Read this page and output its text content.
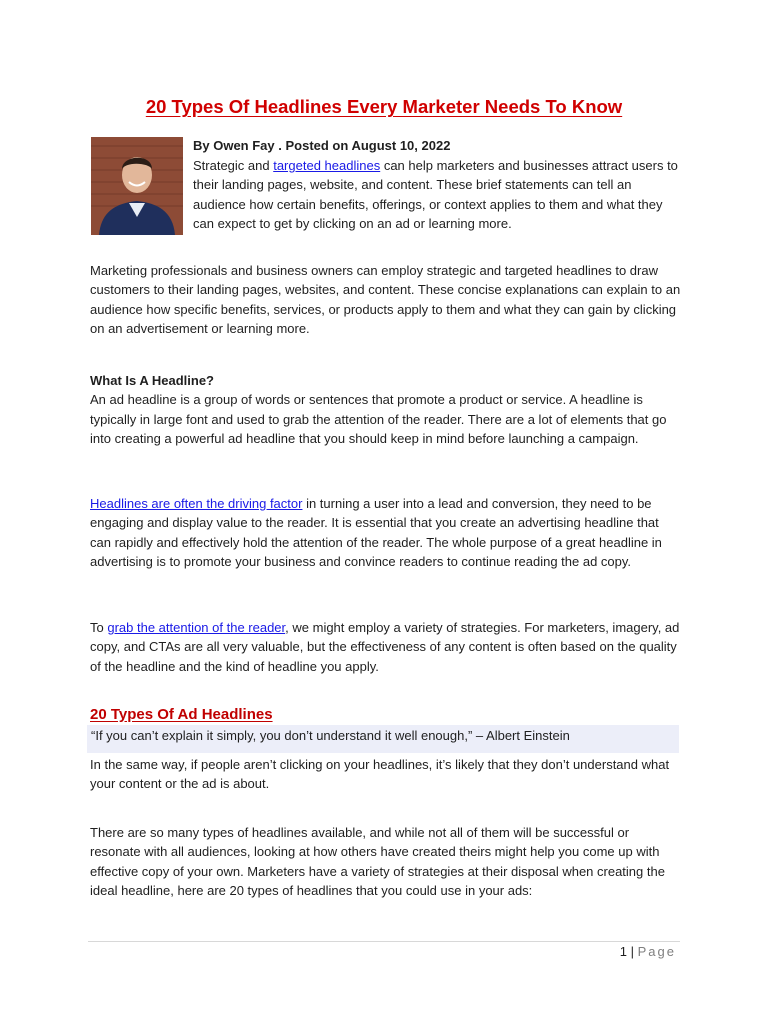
20 Types Of Headlines Every Marketer Needs To Know
By Owen Fay . Posted on August 10, 2022
Strategic and targeted headlines can help marketers and businesses attract users to their landing pages, website, and content. These brief statements can tell an audience how certain benefits, offerings, or context applies to them and what they can expect to get by clicking on an ad or learning more.
Marketing professionals and business owners can employ strategic and targeted headlines to draw customers to their landing pages, websites, and content. These concise explanations can explain to an audience how specific benefits, services, or products apply to them and what they can gain by clicking on an advertisement or learning more.
What Is A Headline?
An ad headline is a group of words or sentences that promote a product or service. A headline is typically in large font and used to grab the attention of the reader. There are a lot of elements that go into creating a powerful ad headline that you should keep in mind before launching a campaign.
Headlines are often the driving factor in turning a user into a lead and conversion, they need to be engaging and display value to the reader. It is essential that you create an advertising headline that can rapidly and effectively hold the attention of the reader. The whole purpose of a great headline in advertising is to promote your business and convince readers to continue reading the ad copy.
To grab the attention of the reader, we might employ a variety of strategies. For marketers, imagery, ad copy, and CTAs are all very valuable, but the effectiveness of any content is often based on the quality of the headline and the kind of headline you apply.
20 Types Of Ad Headlines
“If you can’t explain it simply, you don’t understand it well enough,” – Albert Einstein
In the same way, if people aren’t clicking on your headlines, it’s likely that they don’t understand what your content or the ad is about.
There are so many types of headlines available, and while not all of them will be successful or resonate with all audiences, looking at how others have created theirs might help you come up with effective copy of your own. Marketers have a variety of strategies at their disposal when creating the ideal headline, here are 20 types of headlines that you could use in your ads:
1 | Page
